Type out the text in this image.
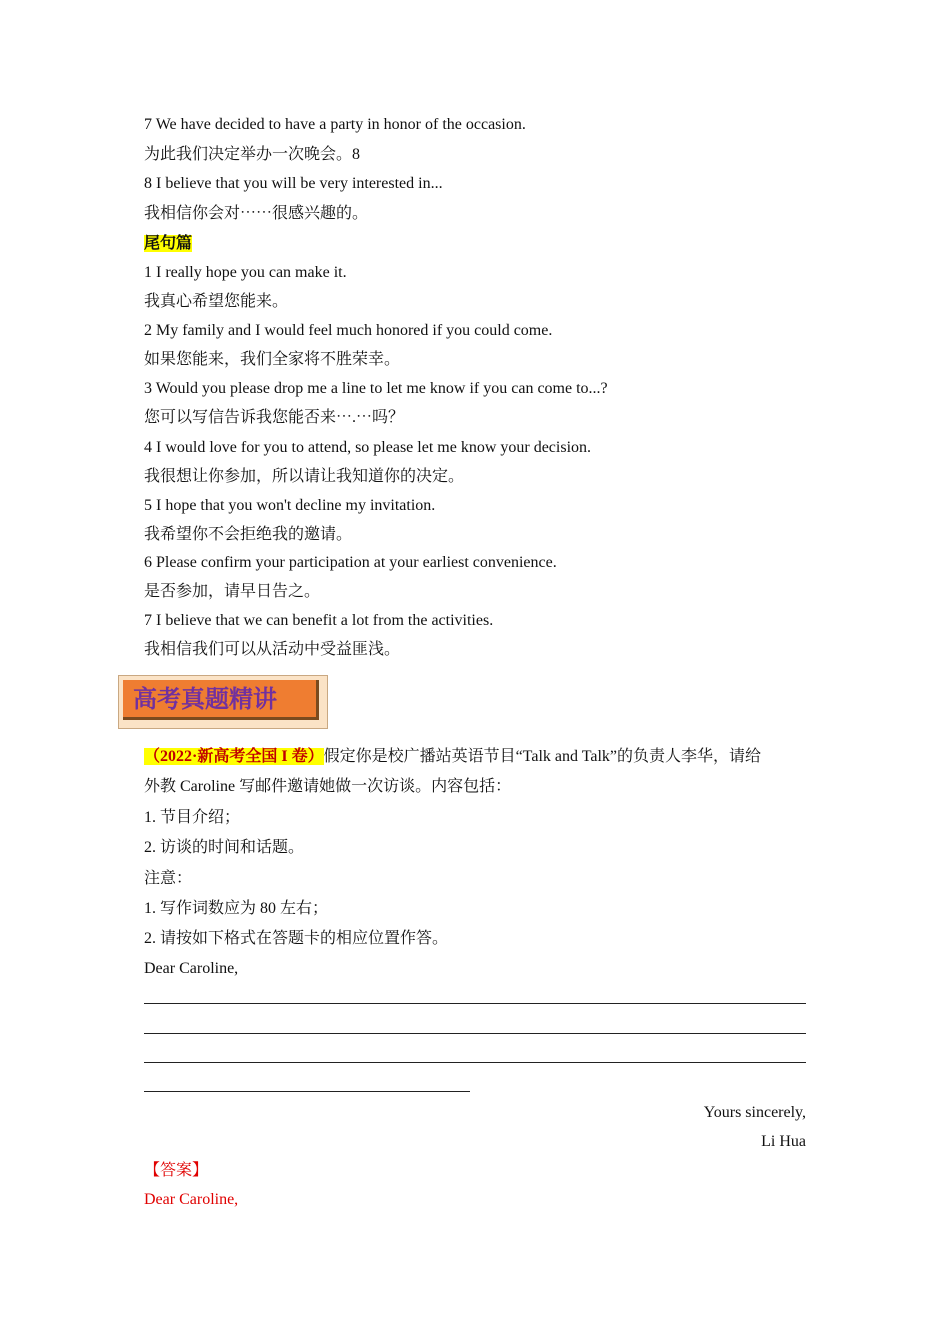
7 We have decided to have a party in honor of the occasion.
为此我们决定举办一次晚会。8
8 I believe that you will be very interested in...
我相信你会对⋯⋯很感兴趣的。
尾句篇
1 I really hope you can make it.
我真心希望您能来。
2 My family and I would feel much honored if you could come.
如果您能来，我们全家将不胜荣幸。
3 Would you please drop me a line to let me know if you can come to...?
您可以写信告诉我您能否来⋯.⋯吗？
4 I would love for you to attend, so please let me know your decision.
我很想让你参加，所以请让我知道你的决定。
5 I hope that you won't decline my invitation.
我希望你不会拒绝我的邀请。
6 Please confirm your participation at your earliest convenience.
是否参加，请早日告之。
7 I believe that we can benefit a lot from the activities.
我相信我们可以从活动中受益匪浅。
高考真题精讲
（2022·新高考全国 I 卷）假定你是校广播站英语节目“Talk and Talk”的负责人李华，请给
外教 Caroline 写邮件邀请她做一次访谈。内容包括：
1. 节目介绍；
2. 访谈的时间和话题。
注意：
1. 写作词数应为 80 左右；
2. 请按如下格式在答题卡的相应位置作答。
Dear Caroline,
Yours sincerely,
Li Hua
【答案】
Dear Caroline,
